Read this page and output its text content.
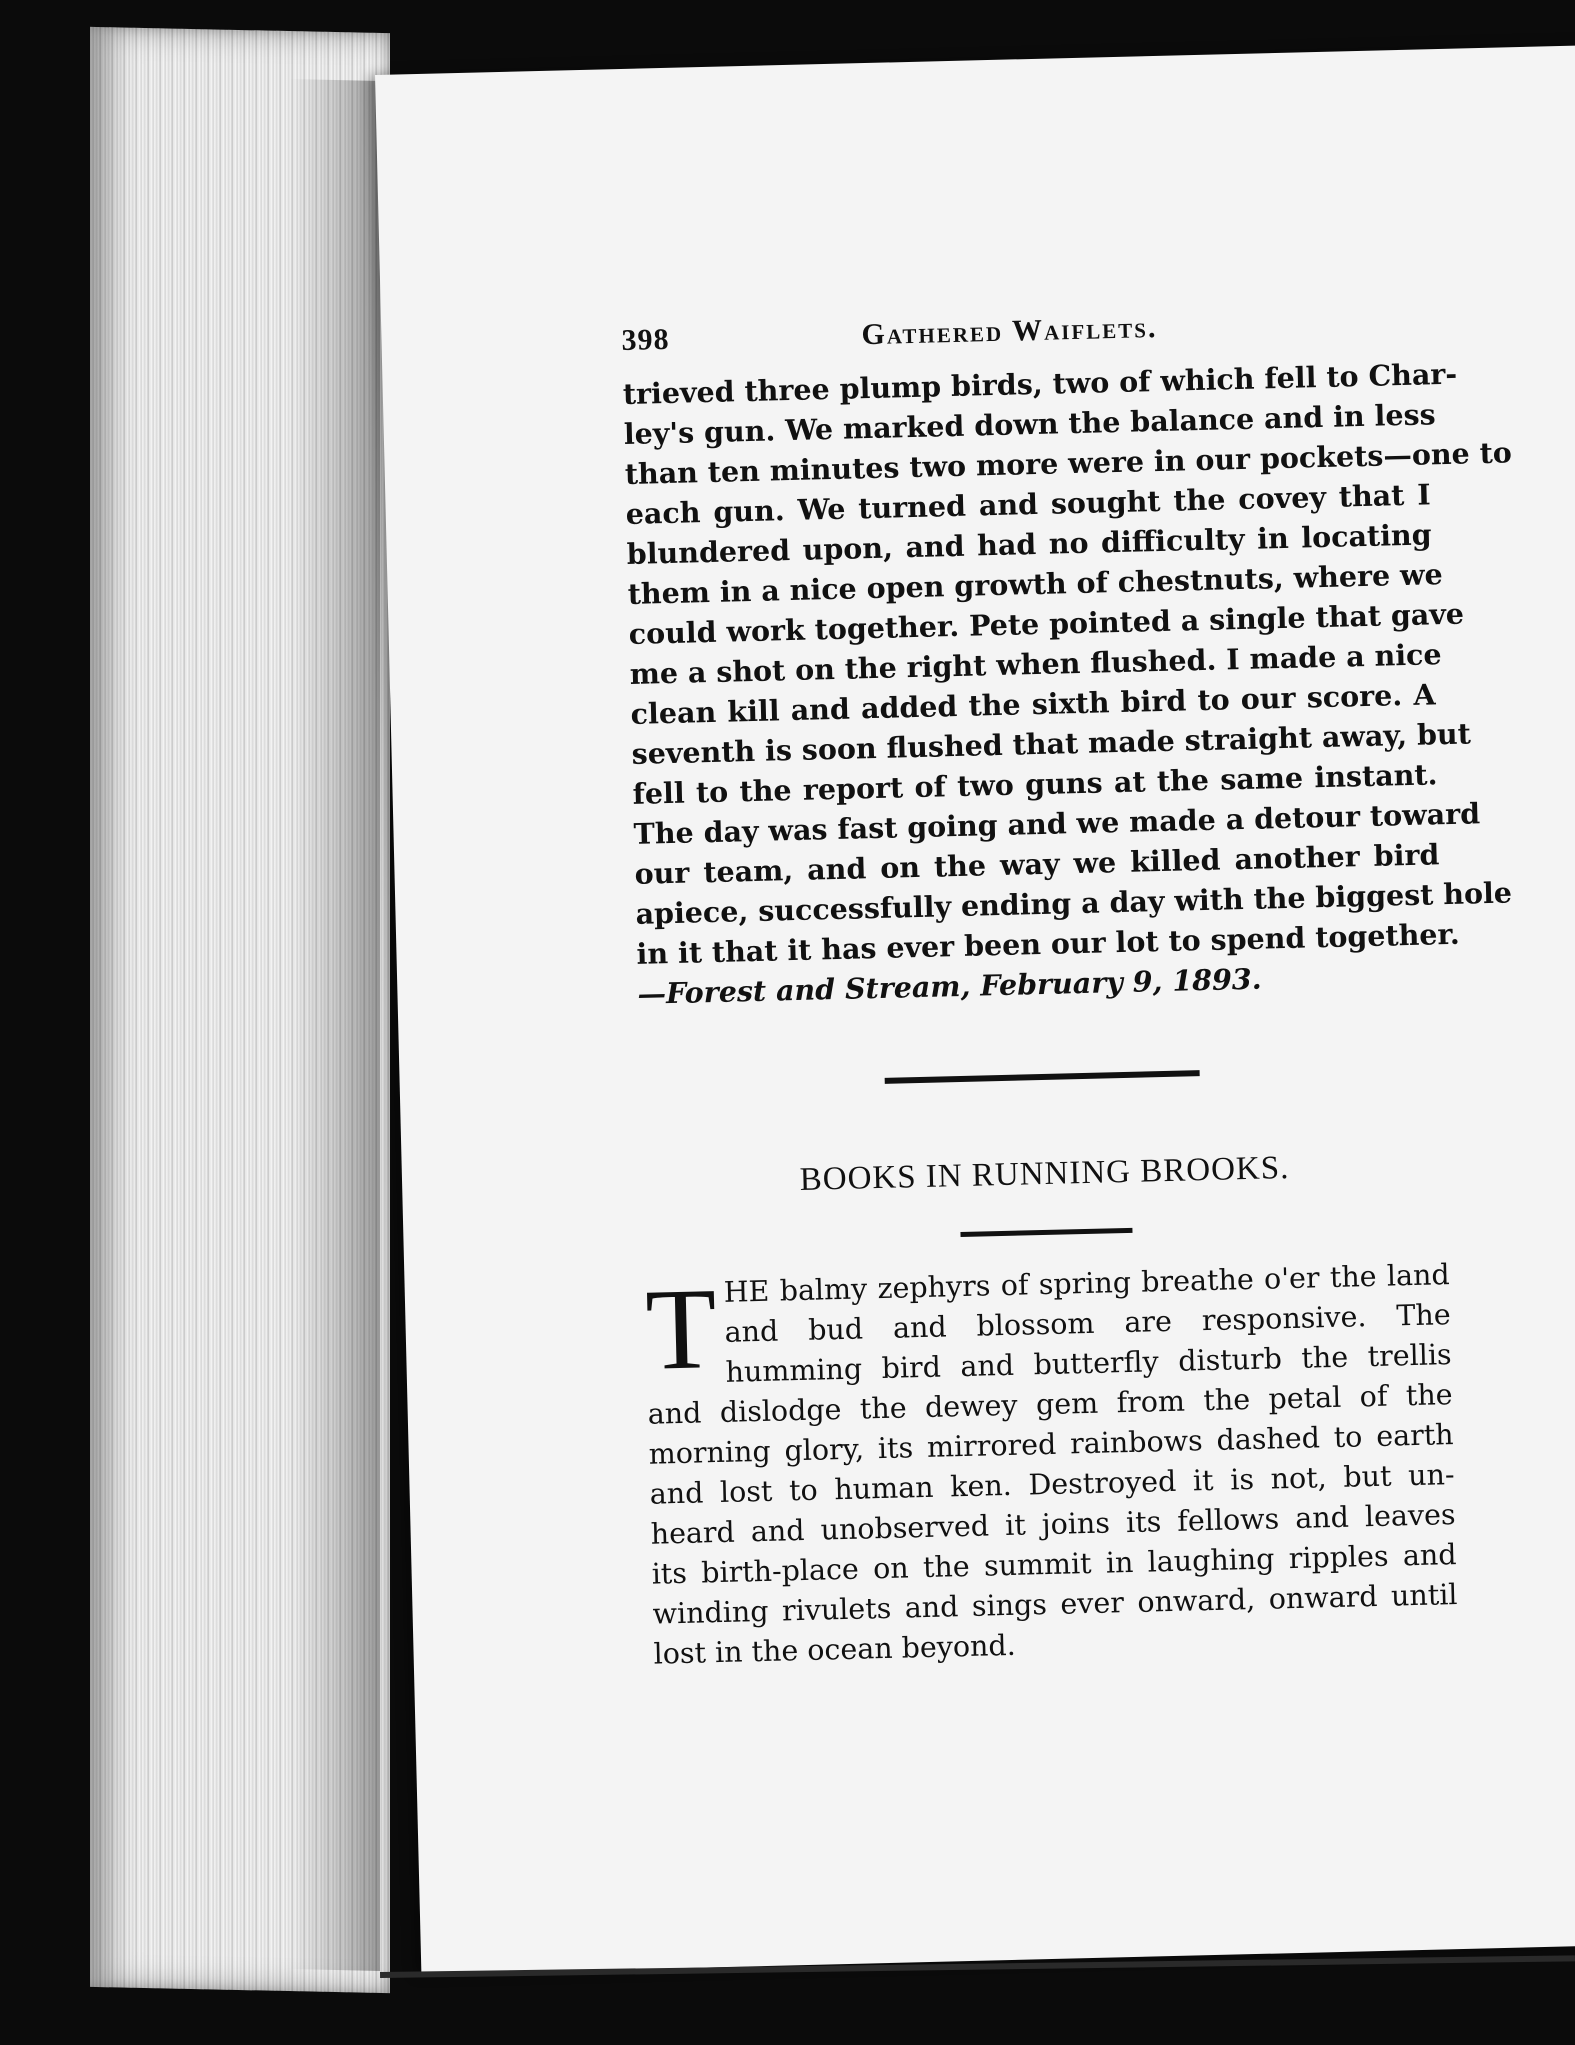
398	Gathered Waiflets.
trieved three plump birds, two of which fell to Char-
ley's gun. We marked down the balance and in less
than ten minutes two more were in our pockets—one to
each gun. We turned and sought the covey that I
blundered upon, and had no difficulty in locating
them in a nice open growth of chestnuts, where we
could work together. Pete pointed a single that gave
me a shot on the right when flushed. I made a nice
clean kill and added the sixth bird to our score. A
seventh is soon flushed that made straight away, but
fell to the report of two guns at the same instant.
The day was fast going and we made a detour toward
our team, and on the way we killed another bird
apiece, successfully ending a day with the biggest hole
in it that it has ever been our lot to spend together.
—Forest and Stream, February 9, 1893.
BOOKS IN RUNNING BROOKS.
T HE balmy zephyrs of spring breathe o'er the land
and bud and blossom are responsive. The
humming bird and butterfly disturb the trellis
and dislodge the dewey gem from the petal of the
morning glory, its mirrored rainbows dashed to earth
and lost to human ken. Destroyed it is not, but un-
heard and unobserved it joins its fellows and leaves
its birth-place on the summit in laughing ripples and
winding rivulets and sings ever onward, onward until
lost in the ocean beyond.
